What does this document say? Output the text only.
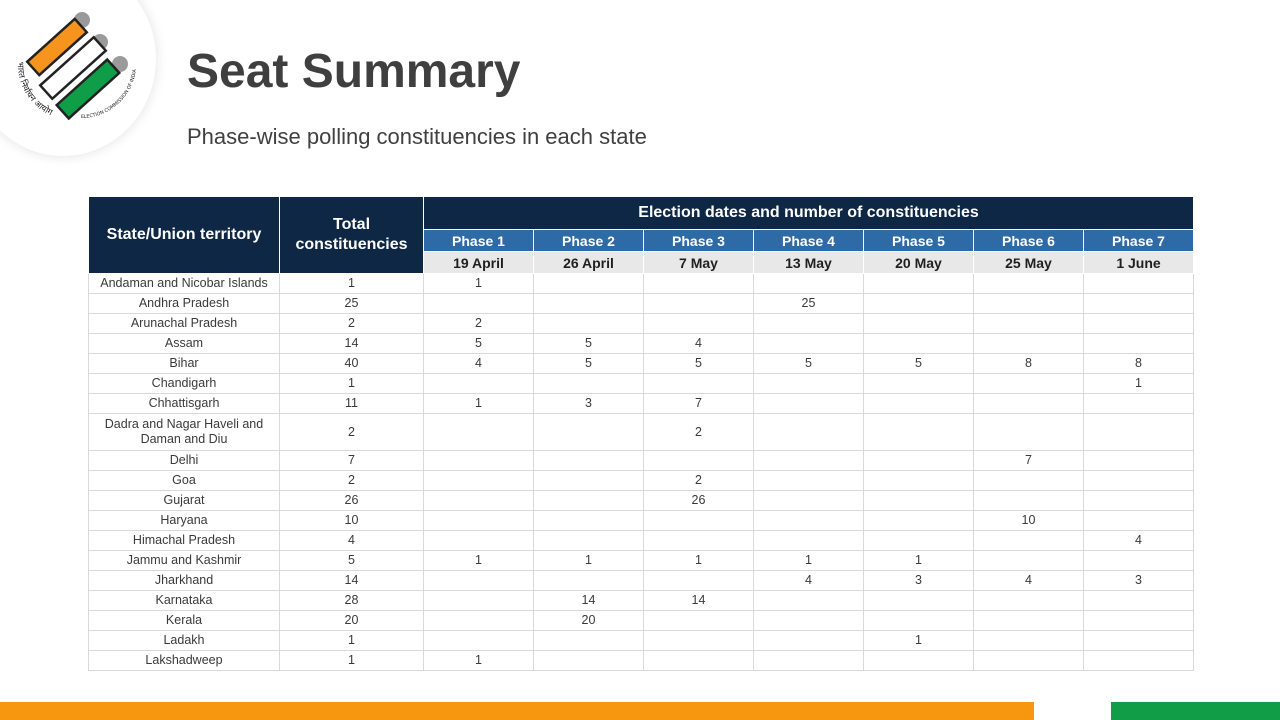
भारत निर्वाचन आयोग	ELECTION COMMISSION OF INDIA Seat Summary
Phase-wise polling constituencies in each state
State/Union territory	Total constituencies	Election dates and number of constituencies						
		Phase 1	Phase 2	Phase 3	Phase 4	Phase 5	Phase 6	Phase 7
		19 April	26 April	7 May	13 May	20 May	25 May	1 June
Andaman and Nicobar Islands	1	1						
Andhra Pradesh	25				25			
Arunachal Pradesh	2	2						
Assam	14	5	5	4				
Bihar	40	4	5	5	5	5	8	8
Chandigarh	1							1
Chhattisgarh	11	1	3	7				
Dadra and Nagar Haveli and Daman and Diu	2			2				
Delhi	7						7	
Goa	2			2				
Gujarat	26			26				
Haryana	10						10	
Himachal Pradesh	4							4
Jammu and Kashmir	5	1	1	1	1	1		
Jharkhand	14				4	3	4	3
Karnataka	28		14	14				
Kerala	20		20					
Ladakh	1					1		
Lakshadweep	1	1						
